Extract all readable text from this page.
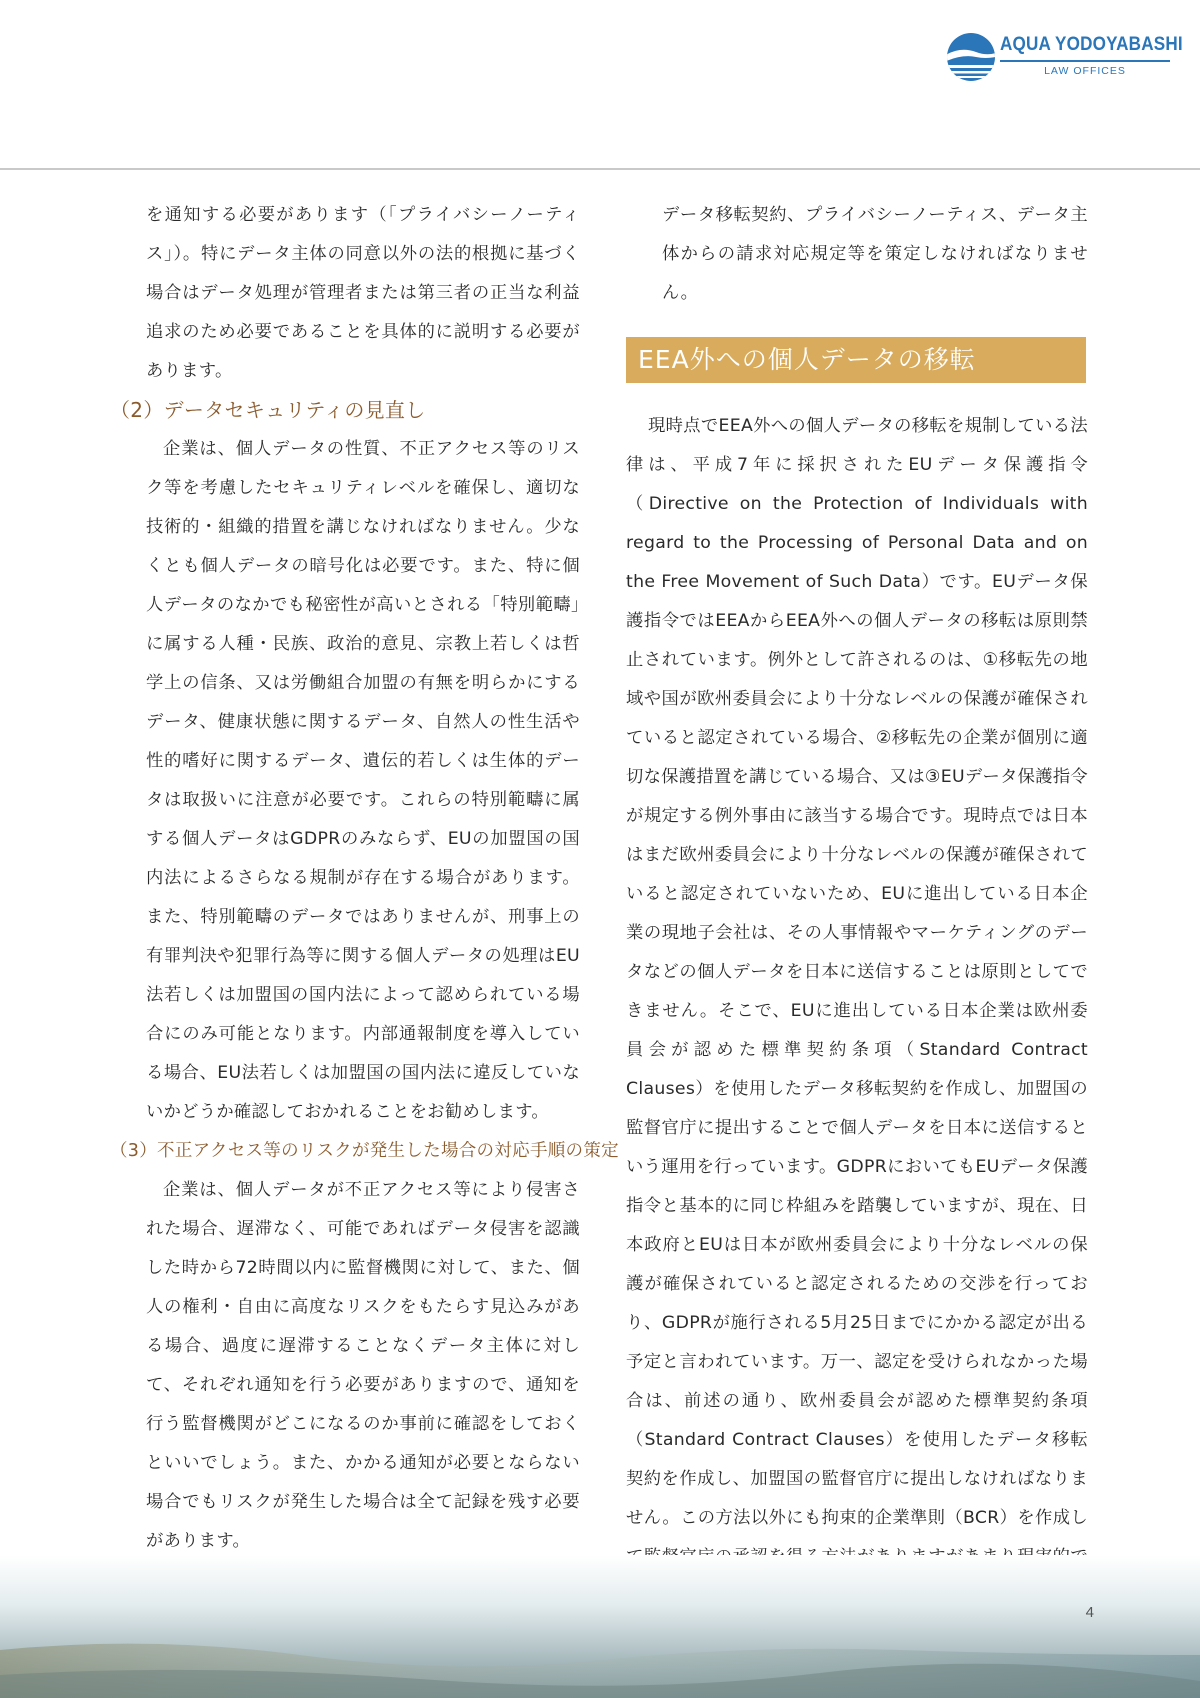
AQUA YODOYABASHI
LAW OFFICES

を通知する必要があります（「プライバシーノーティス」）。特にデータ主体の同意以外の法的根拠に基づく場合はデータ処理が管理者または第三者の正当な利益追求のため必要であることを具体的に説明する必要があります。

（2）データセキュリティの見直し

企業は、個人データの性質、不正アクセス等のリスク等を考慮したセキュリティレベルを確保し、適切な技術的・組織的措置を講じなければなりません。少なくとも個人データの暗号化は必要です。また、特に個人データのなかでも秘密性が高いとされる「特別範疇」に属する人種・民族、政治的意見、宗教上若しくは哲学上の信条、又は労働組合加盟の有無を明らかにするデータ、健康状態に関するデータ、自然人の性生活や性的嗜好に関するデータ、遺伝的若しくは生体的データは取扱いに注意が必要です。これらの特別範疇に属する個人データはGDPRのみならず、EUの加盟国の国内法によるさらなる規制が存在する場合があります。また、特別範疇のデータではありませんが、刑事上の有罪判決や犯罪行為等に関する個人データの処理はEU法若しくは加盟国の国内法によって認められている場合にのみ可能となります。内部通報制度を導入している場合、EU法若しくは加盟国の国内法に違反していないかどうか確認しておかれることをお勧めします。

（3）不正アクセス等のリスクが発生した場合の対応手順の策定

企業は、個人データが不正アクセス等により侵害された場合、遅滞なく、可能であればデータ侵害を認識した時から72時間以内に監督機関に対して、また、個人の権利・自由に高度なリスクをもたらす見込みがある場合、過度に遅滞することなくデータ主体に対して、それぞれ通知を行う必要がありますので、通知を行う監督機関がどこになるのか事前に確認をしておくといいでしょう。また、かかる通知が必要とならない場合でもリスクが発生した場合は全て記録を残す必要があります。

データ移転契約、プライバシーノーティス、データ主体からの請求対応規定等を策定しなければなりません。

EEA外への個人データの移転

現時点でEEA外への個人データの移転を規制している法律は、平成7年に採択されたEUデータ保護指令（Directive on the Protection of Individuals with regard to the Processing of Personal Data and on the Free Movement of Such Data）です。EUデータ保護指令ではEEAからEEA外への個人データの移転は原則禁止されています。例外として許されるのは、①移転先の地域や国が欧州委員会により十分なレベルの保護が確保されていると認定されている場合、②移転先の企業が個別に適切な保護措置を講じている場合、又は③EUデータ保護指令が規定する例外事由に該当する場合です。現時点では日本はまだ欧州委員会により十分なレベルの保護が確保されていると認定されていないため、EUに進出している日本企業の現地子会社は、その人事情報やマーケティングのデータなどの個人データを日本に送信することは原則としてできません。そこで、EUに進出している日本企業は欧州委員会が認めた標準契約条項（Standard Contract Clauses）を使用したデータ移転契約を作成し、加盟国の監督官庁に提出することで個人データを日本に送信するという運用を行っています。GDPRにおいてもEUデータ保護指令と基本的に同じ枠組みを踏襲していますが、現在、日本政府とEUは日本が欧州委員会により十分なレベルの保護が確保されていると認定されるための交渉を行っており、GDPRが施行される5月25日までにかかる認定が出る予定と言われています。万一、認定を受けられなかった場合は、前述の通り、欧州委員会が認めた標準契約条項（Standard Contract Clauses）を使用したデータ移転契約を作成し、加盟国の監督官庁に提出しなければなりません。この方法以外にも拘束的企業準則（BCR）を作成し

4
